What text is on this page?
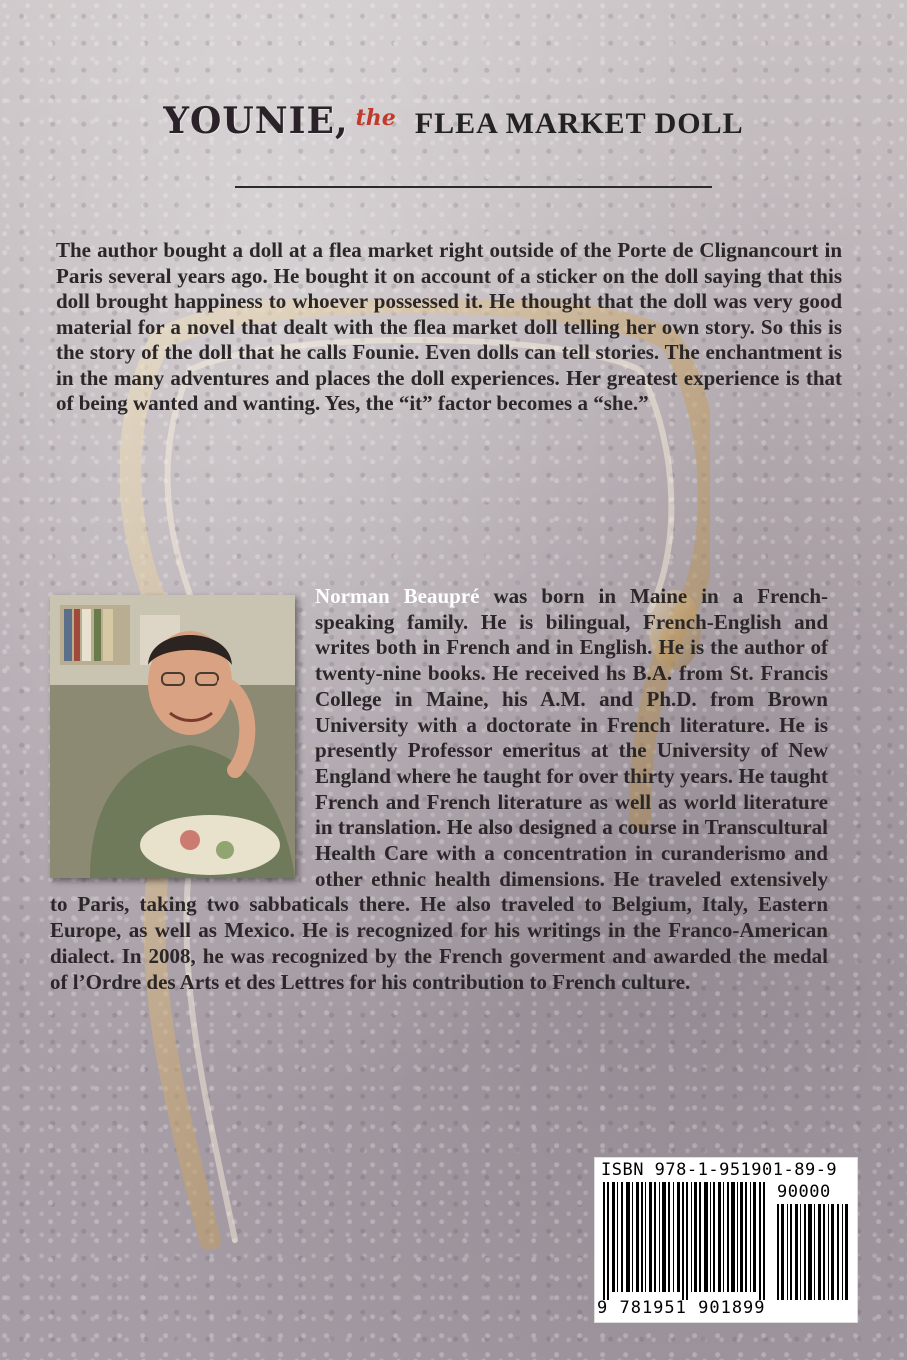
YOUNIE, the FLEA MARKET DOLL

The author bought a doll at a flea market right outside of the Porte de Clignancourt in Paris several years ago. He bought it on account of a sticker on the doll saying that this doll brought happiness to whoever possessed it. He thought that the doll was very good material for a novel that dealt with the flea market doll telling her own story. So this is the story of the doll that he calls Founie. Even dolls can tell stories. The enchantment is in the many adventures and places the doll experiences. Her greatest experience is that of being wanted and wanting. Yes, the “it” factor becomes a “she.”

Norman Beaupré was born in Maine in a French-speaking family. He is bilingual, French-English and writes both in French and in English. He is the author of twenty-nine books. He received hs B.A. from St. Francis College in Maine, his A.M. and Ph.D. from Brown University with a doctorate in French literature. He is presently Professor emeritus at the University of New England where he taught for over thirty years. He taught French and French literature as well as world literature in translation. He also designed a course in Transcultural Health Care with a concentration in curanderismo and other ethnic health dimensions. He traveled extensively to Paris, taking two sabbaticals there. He also traveled to Belgium, Italy, Eastern Europe, as well as Mexico. He is recognized for his writings in the Franco-American dialect. In 2008, he was recognized by the French goverment and awarded the medal of l’Ordre des Arts et des Lettres for his contribution to French culture.

ISBN 978-1-951901-89-9
90000
9 781951 901899
